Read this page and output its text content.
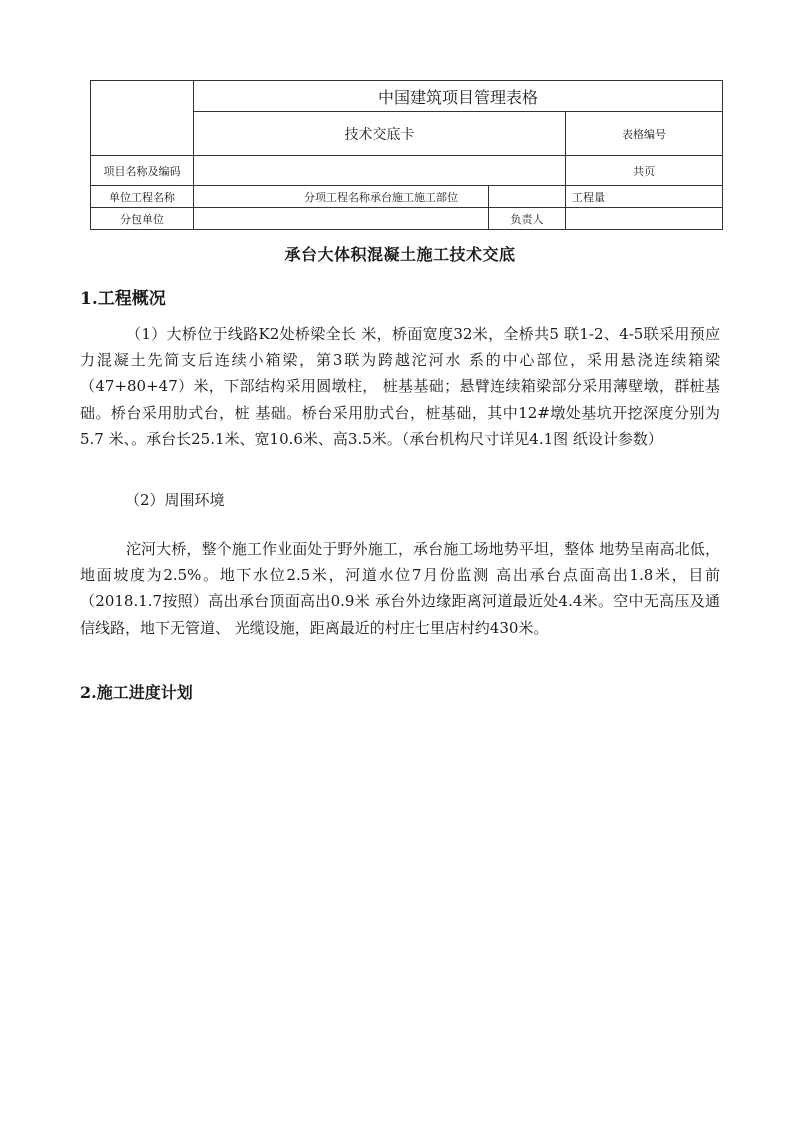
	中国建筑项目管理表格		
	技术交底卡		表格编号
项目名称及编码			共页
单位工程名称	分项工程名称承台施工施工部位		工程量
分包单位		负责人	
承台大体积混凝土施工技术交底
1.工程概况
（1）大桥位于线路K2处桥梁全长 米，桥面宽度32米，全桥共5 联1-2、4-5联采用预应力混凝土先简支后连续小箱梁，第3联为跨越沱河水 系的中心部位，采用悬浇连续箱梁（47+80+47）米，下部结构采用圆墩柱， 桩基基础；悬臂连续箱梁部分采用薄壁墩，群桩基础。桥台采用肋式台，桩 基础。桥台采用肋式台，桩基础，其中12#墩处基坑开挖深度分别为5.7 米、。承台长25.1米、宽10.6米、高3.5米。（承台机构尺寸详见4.1图 纸设计参数）
（2）周围环境
沱河大桥，整个施工作业面处于野外施工，承台施工场地势平坦，整体 地势呈南高北低，地面坡度为2.5%。地下水位2.5米，河道水位7月份监测 高出承台点面高出1.8米，目前（2018.1.7按照）高出承台顶面高出0.9米 承台外边缘距离河道最近处4.4米。空中无高压及通信线路，地下无管道、 光缆设施，距离最近的村庄七里店村约430米。
2.施工进度计划
